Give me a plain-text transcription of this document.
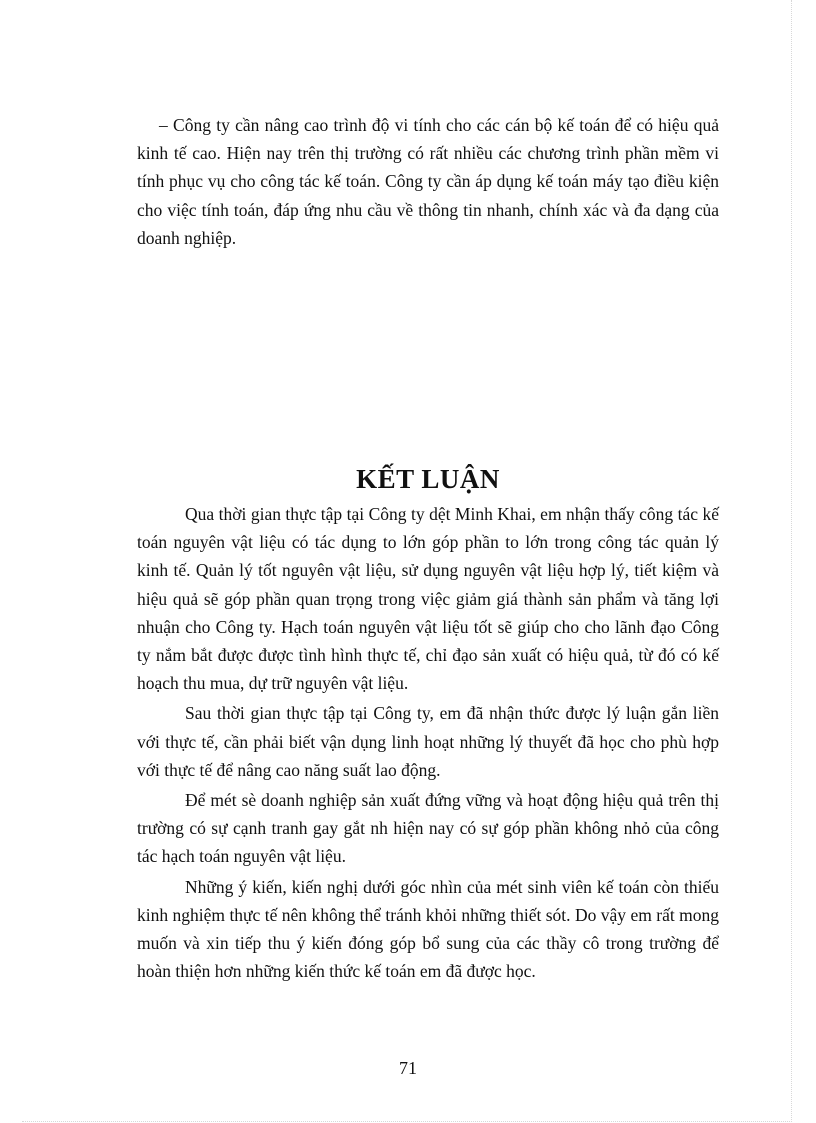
– Công ty cần nâng cao trình độ vi tính cho các cán bộ kế toán để có hiệu quả kinh tế cao. Hiện nay trên thị trường có rất nhiều các chương trình phần mềm vi tính phục vụ cho công tác kế toán. Công ty cần áp dụng kế toán máy tạo điều kiện cho việc tính toán, đáp ứng nhu cầu về thông tin nhanh, chính xác và đa dạng của doanh nghiệp.

KẾT LUẬN

Qua thời gian thực tập tại Công ty dệt Minh Khai, em nhận thấy công tác kế toán nguyên vật liệu có tác dụng to lớn góp phần to lớn trong công tác quản lý kinh tế. Quản lý tốt nguyên vật liệu, sử dụng nguyên vật liệu hợp lý, tiết kiệm và hiệu quả sẽ góp phần quan trọng trong việc giảm giá thành sản phẩm và tăng lợi nhuận cho Công ty. Hạch toán nguyên vật liệu tốt sẽ giúp cho cho lãnh đạo Công ty nắm bắt được được tình hình thực tế, chỉ đạo sản xuất có hiệu quả, từ đó có kế hoạch thu mua, dự trữ nguyên vật liệu.

Sau thời gian thực tập tại Công ty, em đã nhận thức được lý luận gắn liền với thực tế, cần phải biết vận dụng linh hoạt những lý thuyết đã học cho phù hợp với thực tế để nâng cao năng suất lao động.

Để mét sè doanh nghiệp sản xuất đứng vững và hoạt động hiệu quả trên thị trường có sự cạnh tranh gay gắt nh hiện nay có sự góp phần không nhỏ của công tác hạch toán nguyên vật liệu.

Những ý kiến, kiến nghị dưới góc nhìn của mét sinh viên kế toán còn thiếu kinh nghiệm thực tế nên không thể tránh khỏi những thiết sót. Do vậy em rất mong muốn và xin tiếp thu ý kiến đóng góp bổ sung của các thầy cô trong trường để hoàn thiện hơn những kiến thức kế toán em đã được học.

71
